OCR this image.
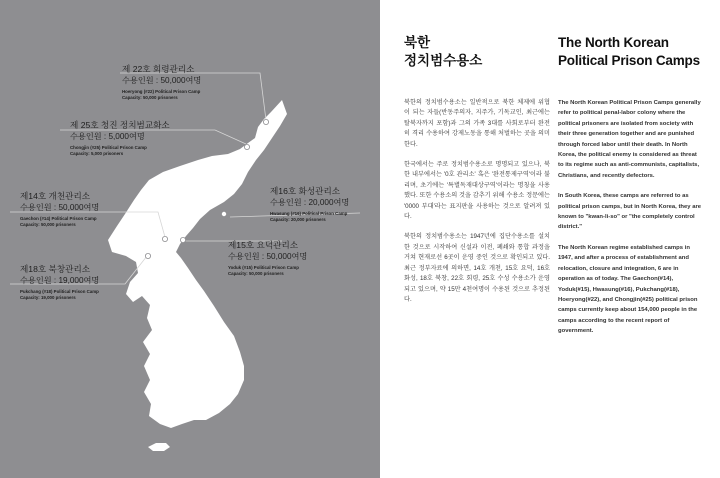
제 22호 회령관리소
수용인원 : 50,000여명
Hoeryong (#22) Political Prison Camp
Capacity: 50,000 prisoners
제 25호 청진 정치범교화소
수용인원 : 5,000여명
Chongjin (#25) Political Prison Camp
Capacity: 5,000 prisoners
제16호 화성관리소
수용인원 : 20,000여명
Hwasung (#16) Political Prison Camp
Capacity: 20,000 prisoners
제14호 개천관리소
수용인원 : 50,000여명
Gaechon (#14) Political Prison Camp
Capacity: 50,000 prisoners
제15호 요덕관리소
수용인원 : 50,000여명
Yoduk (#15) Political Prison Camp
Capacity: 50,000 prisoners
제18호 북창관리소
수용인원 : 19,000여명
Pukchang (#18) Political Prison Camp
Capacity: 19,000 prisoners
북한
정치범수용소

북한의 정치범수용소는 일반적으로 북한 체제에 위협이 되는 자들(반동주의자, 지주가, 기독교인, 최근에는 탈북자까지 포함)과 그의 가족 3대를 사회로부터 완전히 격리 수용하여 강제노동을 통해 처벌하는 곳을 의미한다.

한국에서는 주로 정치범수용소로 명명되고 있으나, 북한 내부에서는 '0호 관리소' 혹은 '완전통제구역'이라 불리며, 초기에는 '특별독재대상구역'이라는 명칭을 사용했다. 또한 수용소의 것을 감추기 위해 수용소 정문에는 '0000 부대'라는 표지판을 사용하는 것으로 알려져 있다.

북한의 정치범수용소는 1947년에 집단수용소를 설치한 것으로 시작하여 신설과 이전, 폐쇄와 통합 과정을 거쳐 현재로선 6곳이 운영 중인 것으로 확인되고 있다. 최근 정부자료에 의하면, 14호 개천, 15호 요덕, 16호 화성, 18호 북창, 22호 회령, 25호 수성 수용소가 운영되고 있으며, 약 15만 4천여명이 수용된 것으로 추정된다.

The North Korean
Political Prison Camps

The North Korean Political Prison Camps generally refer to political penal-labor colony where the political prisoners are isolated from society with their three generation together and are punished through forced labor until their death. In North Korea, the political enemy is considered as threat to its regime such as anti-communists, capitalists, Christians, and recently defectors.

In South Korea, these camps are referred to as political prison camps, but in North Korea, they are known to "kwan-li-so" or "the completely control district."

The North Korean regime established camps in 1947, and after a process of establishment and relocation, closure and integration, 6 are in operation as of today. The Gaechon(#14), Yoduk(#15), Hwasung(#16), Pukchang(#18), Hoeryong(#22), and Chongjin(#25) political prison camps currently keep about 154,000 people in the camps according to the recent report of government.
